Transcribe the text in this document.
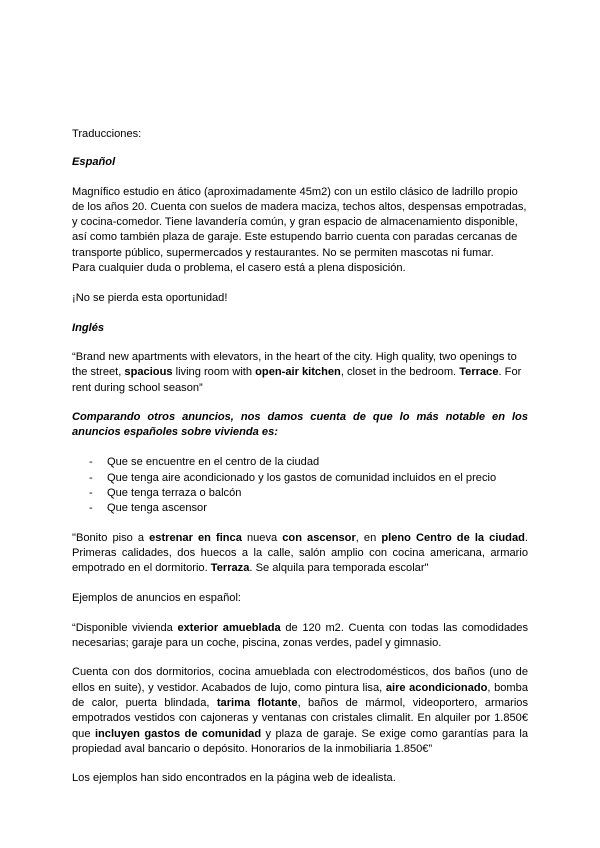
Traducciones:

Español

Magnífico estudio en ático (aproximadamente 45m2) con un estilo clásico de ladrillo propio
de los años 20. Cuenta con suelos de madera maciza, techos altos, despensas empotradas,
y cocina-comedor. Tiene lavandería común, y gran espacio de almacenamiento disponible,
así como también plaza de garaje. Este estupendo barrio cuenta con paradas cercanas de
transporte público, supermercados y restaurantes. No se permiten mascotas ni fumar.
Para cualquier duda o problema, el casero está a plena disposición.

¡No se pierda esta oportunidad!

Inglés

“Brand new apartments with elevators, in the heart of the city. High quality, two openings to the street, spacious living room with open-air kitchen, closet in the bedroom. Terrace. For rent during school season”

Comparando otros anuncios, nos damos cuenta de que lo más notable en los anuncios españoles sobre vivienda es:

- Que se encuentre en el centro de la ciudad
- Que tenga aire acondicionado y los gastos de comunidad incluidos en el precio
- Que tenga terraza o balcón
- Que tenga ascensor

"Bonito piso a estrenar en finca nueva con ascensor, en pleno Centro de la ciudad. Primeras calidades, dos huecos a la calle, salón amplio con cocina americana, armario empotrado en el dormitorio. Terraza. Se alquila para temporada escolar"

Ejemplos de anuncios en español:

“Disponible vivienda exterior amueblada de 120 m2. Cuenta con todas las comodidades necesarias; garaje para un coche, piscina, zonas verdes, padel y gimnasio.

Cuenta con dos dormitorios, cocina amueblada con electrodomésticos, dos baños (uno de ellos en suite), y vestidor. Acabados de lujo, como pintura lisa, aire acondicionado, bomba de calor, puerta blindada, tarima flotante, baños de mármol, videoportero, armarios empotrados vestidos con cajoneras y ventanas con cristales climalit. En alquiler por 1.850€ que incluyen gastos de comunidad y plaza de garaje. Se exige como garantías para la propiedad aval bancario o depósito. Honorarios de la inmobiliaria 1.850€”

Los ejemplos han sido encontrados en la página web de idealista.
